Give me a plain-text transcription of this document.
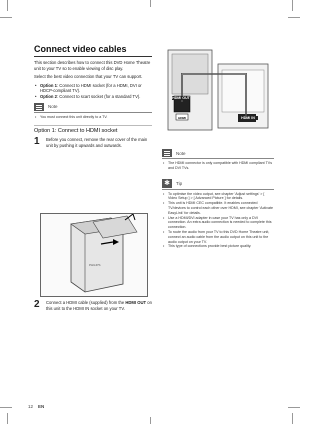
Connect video cables

This section describes how to connect this DVD Home Theatre unit to your TV so to enable viewing of disc play.

Select the best video connection that your TV can support.

• Option 1: Connect to HDMI socket (for a HDMI, DVI or HDCP-compliant TV).
• Option 2: Connect to scart socket (for a standard TV).
Note
• You must connect this unit directly to a TV.
Option 1: Connect to HDMI socket
1	Before you connect, remove the rear cover of the main unit by pushing it upwards and outwards.
PHILIPS
2	Connect a HDMI cable (supplied) from the HDMI OUT on this unit to the HDMI IN socket on your TV.
HDMI OUT
HDMI	HDMI IN
Note
• The HDMI connector is only compatible with HDMI compliant TVs and DVI TVs.
✱	Tip
• To optimise the video output, see chapter 'Adjust settings' > [ Video Setup ] > [ Advanced Picture ] for details.
• This unit is HDMI CEC compatible. It enables connected TV/devices to control each other over HDMI, see chapter 'Activate EasyLink' for details.
• Use a HDMI/DVI adapter in case your TV has only a DVI connection. An extra audio connection is needed to complete this connection.
• To route the audio from your TV to this DVD Home Theatre unit, connect an audio cable from the audio output on this unit to the audio output on your TV.
• This type of connections provide best picture quality.
12 EN
